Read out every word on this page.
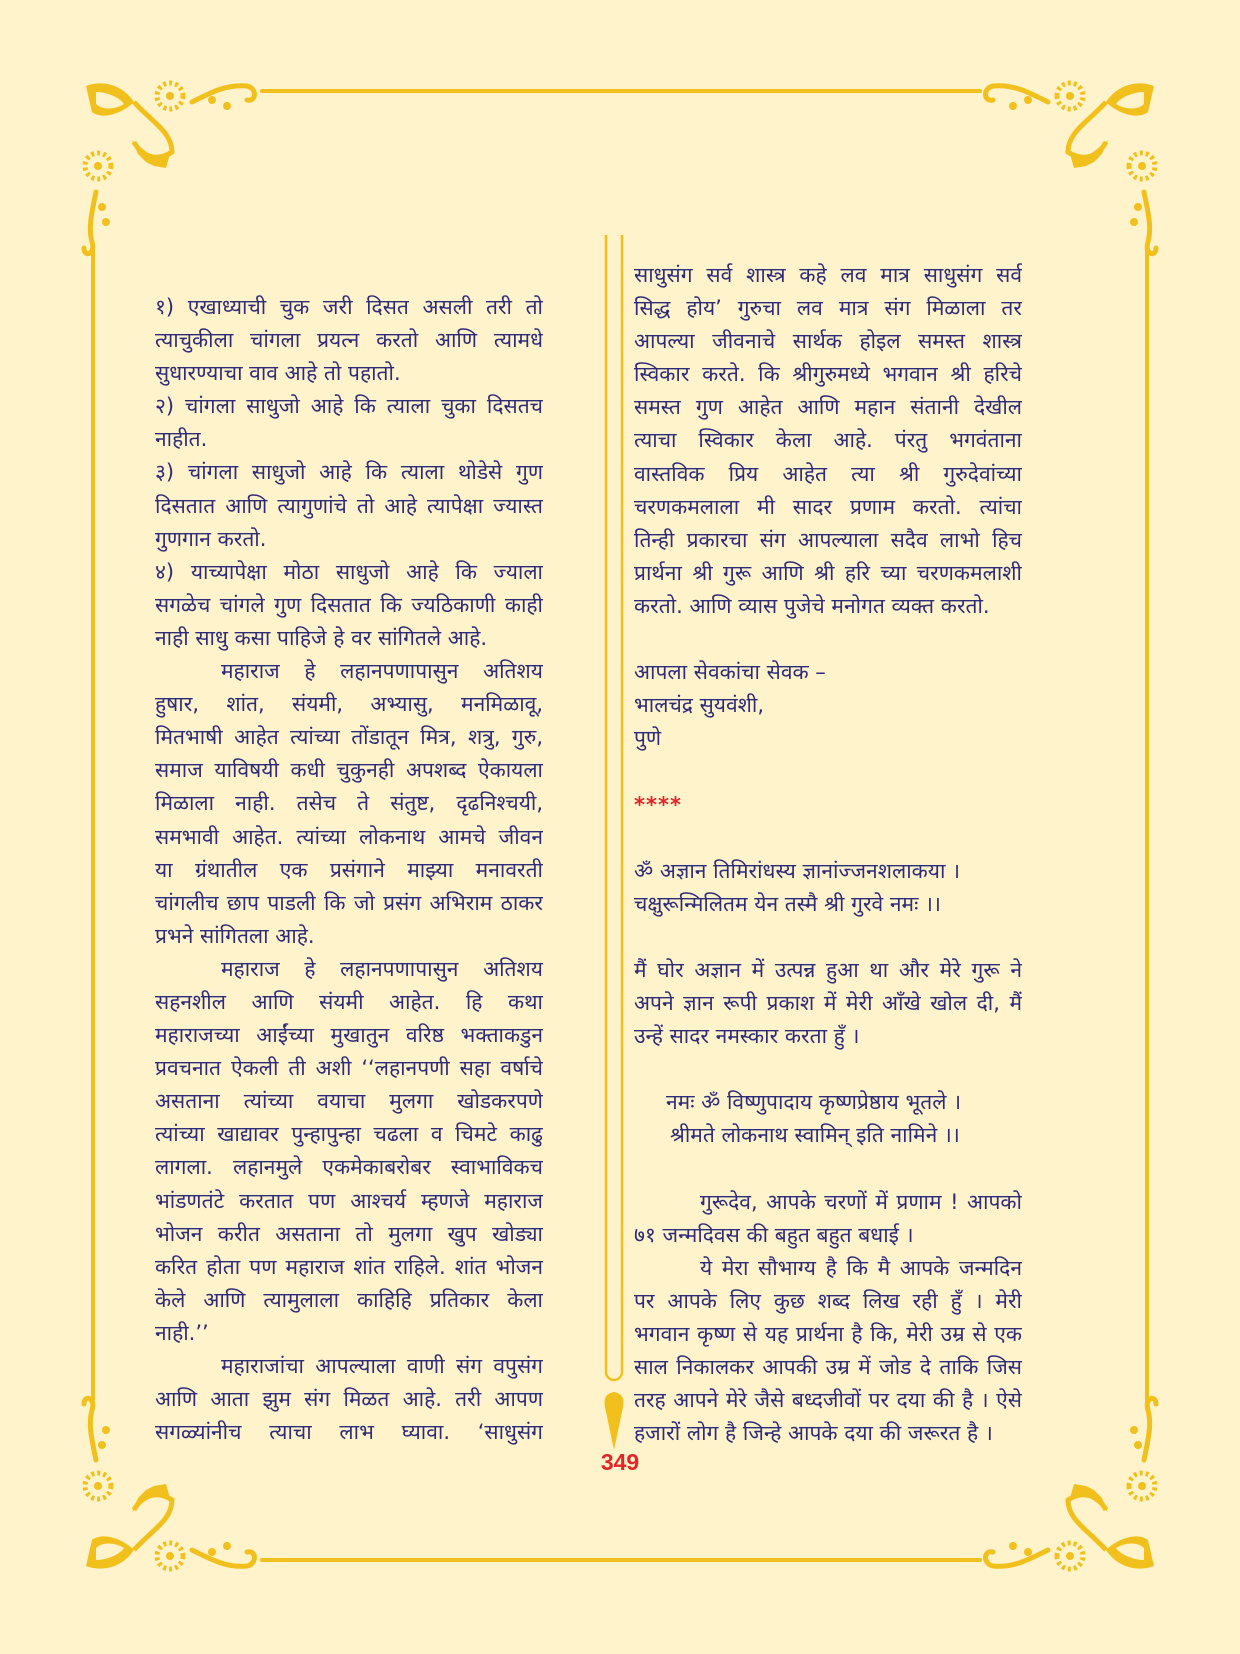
१) एखाध्याची चुक जरी दिसत असली तरी तो
त्याचुकीला चांगला प्रयत्न करतो आणि त्यामधे
सुधारण्याचा वाव आहे तो पहातो.
२) चांगला साधुजो आहे कि त्याला चुका दिसतच
नाहीत.
३) चांगला साधुजो आहे कि त्याला थोडेसे गुण
दिसतात आणि त्यागुणांचे तो आहे त्यापेक्षा ज्यास्त
गुणगान करतो.
४) याच्यापेक्षा मोठा साधुजो आहे कि ज्याला
सगळेच चांगले गुण दिसतात कि ज्यठिकाणी काही
नाही साधु कसा पाहिजे हे वर सांगितले आहे.
महाराज हे लहानपणापासुन अतिशय
हुषार, शांत, संयमी, अभ्यासु, मनमिळावू,
मितभाषी आहेत त्यांच्या तोंडातून मित्र, शत्रु, गुरु,
समाज याविषयी कधी चुकुनही अपशब्द ऐकायला
मिळाला नाही. तसेच ते संतुष्ट, दृढनिश्चयी,
समभावी आहेत. त्यांच्या लोकनाथ आमचे जीवन
या ग्रंथातील एक प्रसंगाने माझ्या मनावरती
चांगलीच छाप पाडली कि जो प्रसंग अभिराम ठाकर
प्रभने सांगितला आहे.
महाराज हे लहानपणापासुन अतिशय
सहनशील आणि संयमी आहेत. हि कथा
महाराजच्या आईंच्या मुखातुन वरिष्ठ भक्ताकडुन
प्रवचनात ऐकली ती अशी ‘‘लहानपणी सहा वर्षाचे
असताना त्यांच्या वयाचा मुलगा खोडकरपणे
त्यांच्या खाद्यावर पुन्हापुन्हा चढला व चिमटे काढु
लागला. लहानमुले एकमेकाबरोबर स्वाभाविकच
भांडणतंटे करतात पण आश्चर्य म्हणजे महाराज
भोजन करीत असताना तो मुलगा खुप खोड्या
करित होता पण महाराज शांत राहिले. शांत भोजन
केले आणि त्यामुलाला काहिहि प्रतिकार केला
नाही.’’
महाराजांचा आपल्याला वाणी संग वपुसंग
आणि आता झुम संग मिळत आहे. तरी आपण
सगळ्यांनीच त्याचा लाभ घ्यावा. ‘साधुसंग
साधुसंग सर्व शास्त्र कहे लव मात्र साधुसंग सर्व
सिद्ध होय’ गुरुचा लव मात्र संग मिळाला तर
आपल्या जीवनाचे सार्थक होइल समस्त शास्त्र
स्विकार करते. कि श्रीगुरुमध्ये भगवान श्री हरिचे
समस्त गुण आहेत आणि महान संतानी देखील
त्याचा स्विकार केला आहे. पंरतु भगवंताना
वास्तविक प्रिय आहेत त्या श्री गुरुदेवांच्या
चरणकमलाला मी सादर प्रणाम करतो. त्यांचा
तिन्ही प्रकारचा संग आपल्याला सदैव लाभो हिच
प्रार्थना श्री गुरू आणि श्री हरि च्या चरणकमलाशी
करतो. आणि व्यास पुजेचे मनोगत व्यक्त करतो.
आपला सेवकांचा सेवक –
भालचंद्र सुयवंशी,
पुणे
****
ॐ अज्ञान तिमिरांधस्य ज्ञानांज्जनशलाकया ।
चक्षुरून्मिलितम येन तस्मै श्री गुरवे नमः ।।
मैं घोर अज्ञान में उत्पन्न हुआ था और मेरे गुरू ने
अपने ज्ञान रूपी प्रकाश में मेरी आँखे खोल दी, मैं
उन्हें सादर नमस्कार करता हुँ ।
नमः ॐ विष्णुपादाय कृष्णप्रेष्ठाय भूतले ।
श्रीमते लोकनाथ स्वामिन् इति नामिने ।।
गुरूदेव, आपके चरणों में प्रणाम ! आपको
७१ जन्मदिवस की बहुत बहुत बधाई ।
ये मेरा सौभाग्य है कि मै आपके जन्मदिन
पर आपके लिए कुछ शब्द लिख रही हुँ । मेरी
भगवान कृष्ण से यह प्रार्थना है कि, मेरी उम्र से एक
साल निकालकर आपकी उम्र में जोड दे ताकि जिस
तरह आपने मेरे जैसे बध्दजीवों पर दया की है । ऐसे
हजारों लोग है जिन्हे आपके दया की जरूरत है ।
349
